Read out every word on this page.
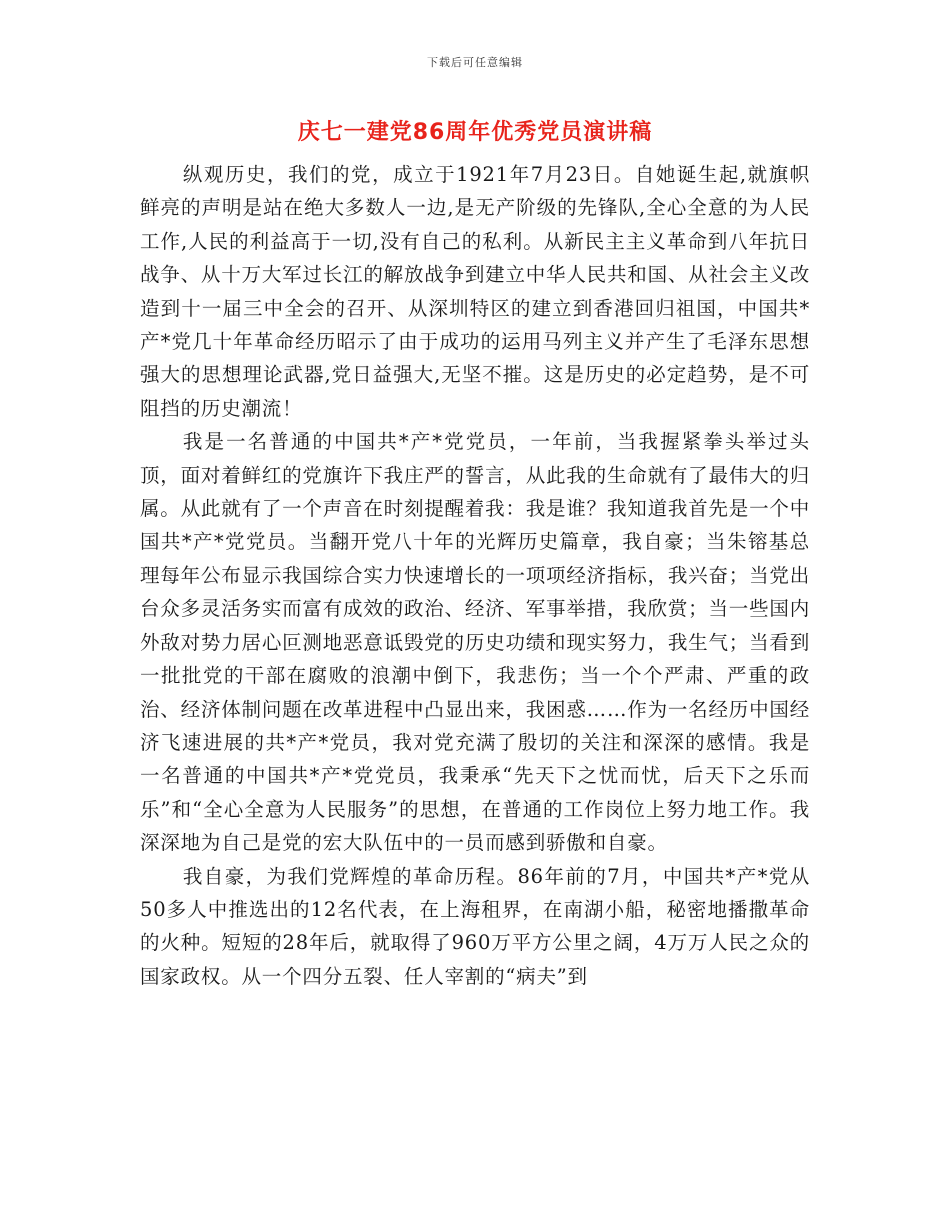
下载后可任意编辑
庆七一建党86周年优秀党员演讲稿

纵观历史，我们的党，成立于1921年7月23日。自她诞生起,就旗帜鲜亮的声明是站在绝大多数人一边,是无产阶级的先锋队,全心全意的为人民工作,人民的利益高于一切,没有自己的私利。从新民主主义革命到八年抗日战争、从十万大军过长江的解放战争到建立中华人民共和国、从社会主义改造到十一届三中全会的召开、从深圳特区的建立到香港回归祖国，中国共*产*党几十年革命经历昭示了由于成功的运用马列主义并产生了毛泽东思想强大的思想理论武器,党日益强大,无坚不摧。这是历史的必定趋势，是不可阻挡的历史潮流！

我是一名普通的中国共*产*党党员，一年前，当我握紧拳头举过头顶，面对着鲜红的党旗许下我庄严的誓言，从此我的生命就有了最伟大的归属。从此就有了一个声音在时刻提醒着我：我是谁？我知道我首先是一个中国共*产*党党员。当翻开党八十年的光辉历史篇章，我自豪；当朱镕基总理每年公布显示我国综合实力快速增长的一项项经济指标，我兴奋；当党出台众多灵活务实而富有成效的政治、经济、军事举措，我欣赏；当一些国内外敌对势力居心叵测地恶意诋毁党的历史功绩和现实努力，我生气；当看到一批批党的干部在腐败的浪潮中倒下，我悲伤；当一个个严肃、严重的政治、经济体制问题在改革进程中凸显出来，我困惑……作为一名经历中国经济飞速进展的共*产*党员，我对党充满了殷切的关注和深深的感情。我是一名普通的中国共*产*党党员，我秉承“先天下之忧而忧，后天下之乐而乐”和“全心全意为人民服务”的思想，在普通的工作岗位上努力地工作。我深深地为自己是党的宏大队伍中的一员而感到骄傲和自豪。

我自豪，为我们党辉煌的革命历程。86年前的7月，中国共*产*党从50多人中推选出的12名代表，在上海租界，在南湖小船，秘密地播撒革命的火种。短短的28年后，就取得了960万平方公里之阔，4万万人民之众的国家政权。从一个四分五裂、任人宰割的“病夫”到
